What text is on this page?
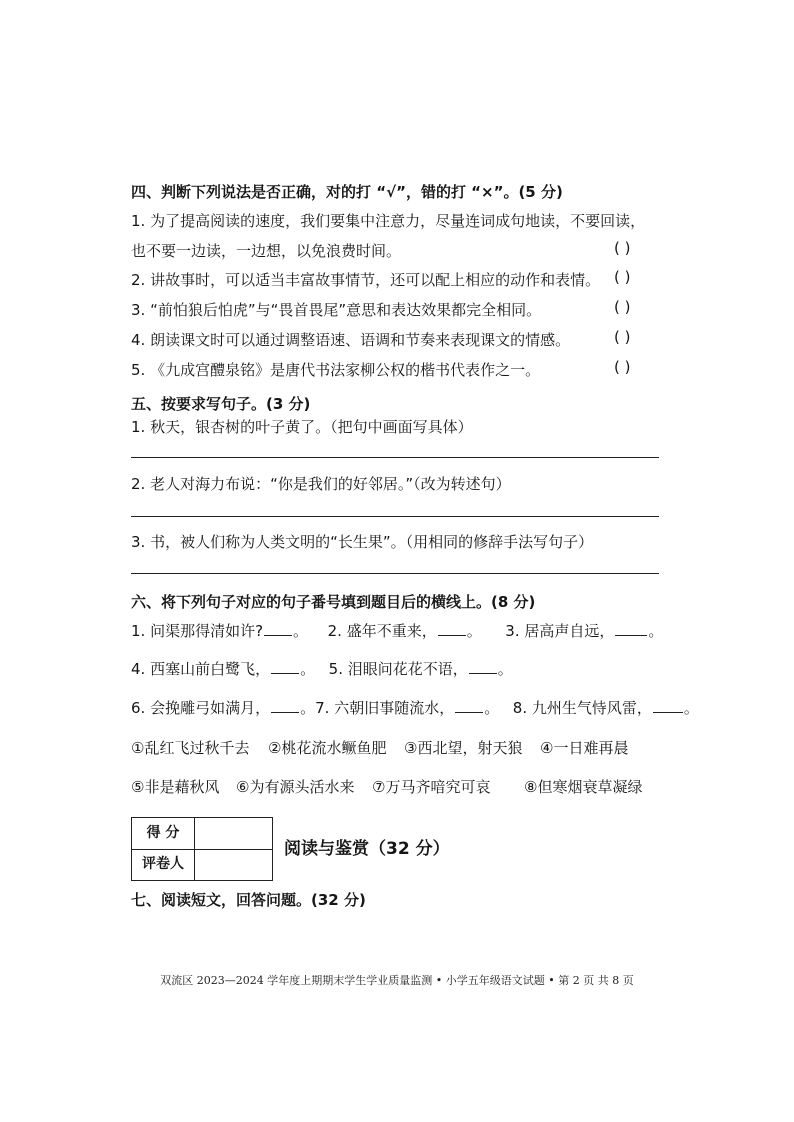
四、判断下列说法是否正确，对的打 “√”，错的打 “×”。(5 分)
1. 为了提高阅读的速度，我们要集中注意力，尽量连词成句地读，不要回读，
也不要一边读，一边想，以免浪费时间。	( )
2. 讲故事时，可以适当丰富故事情节，还可以配上相应的动作和表情。 ( )
3. “前怕狼后怕虎”与“畏首畏尾”意思和表达效果都完全相同。	( )
4. 朗读课文时可以通过调整语速、语调和节奏来表现课文的情感。	( )
5. 《九成宫醴泉铭》是唐代书法家柳公权的楷书代表作之一。	( )
五、按要求写句子。(3 分)
1. 秋天，银杏树的叶子黄了。（把句中画面写具体）
2. 老人对海力布说：“你是我们的好邻居。”（改为转述句）
3. 书，被人们称为人类文明的“长生果”。（用相同的修辞手法写句子）
六、将下列句子对应的句子番号填到题目后的横线上。(8 分)
1. 问渠那得清如许? 。 2. 盛年不重来， 。 3. 居高声自远， 。
4. 西塞山前白鹭飞， 。 5. 泪眼问花花不语， 。
6. 会挽雕弓如满月， 。7. 六朝旧事随流水， 。 8. 九州生气恃风雷， 。
①乱红飞过秋千去 ②桃花流水鳜鱼肥 ③西北望，射天狼 ④一日难再晨
⑤非是藉秋风 ⑥为有源头活水来 ⑦万马齐喑究可哀 ⑧但寒烟衰草凝绿
得 分
评卷人
阅读与鉴赏（32 分）
七、阅读短文，回答问题。(32 分)
双流区 2023—2024 学年度上期期末学生学业质量监测 • 小学五年级语文试题 • 第 2 页 共 8 页
